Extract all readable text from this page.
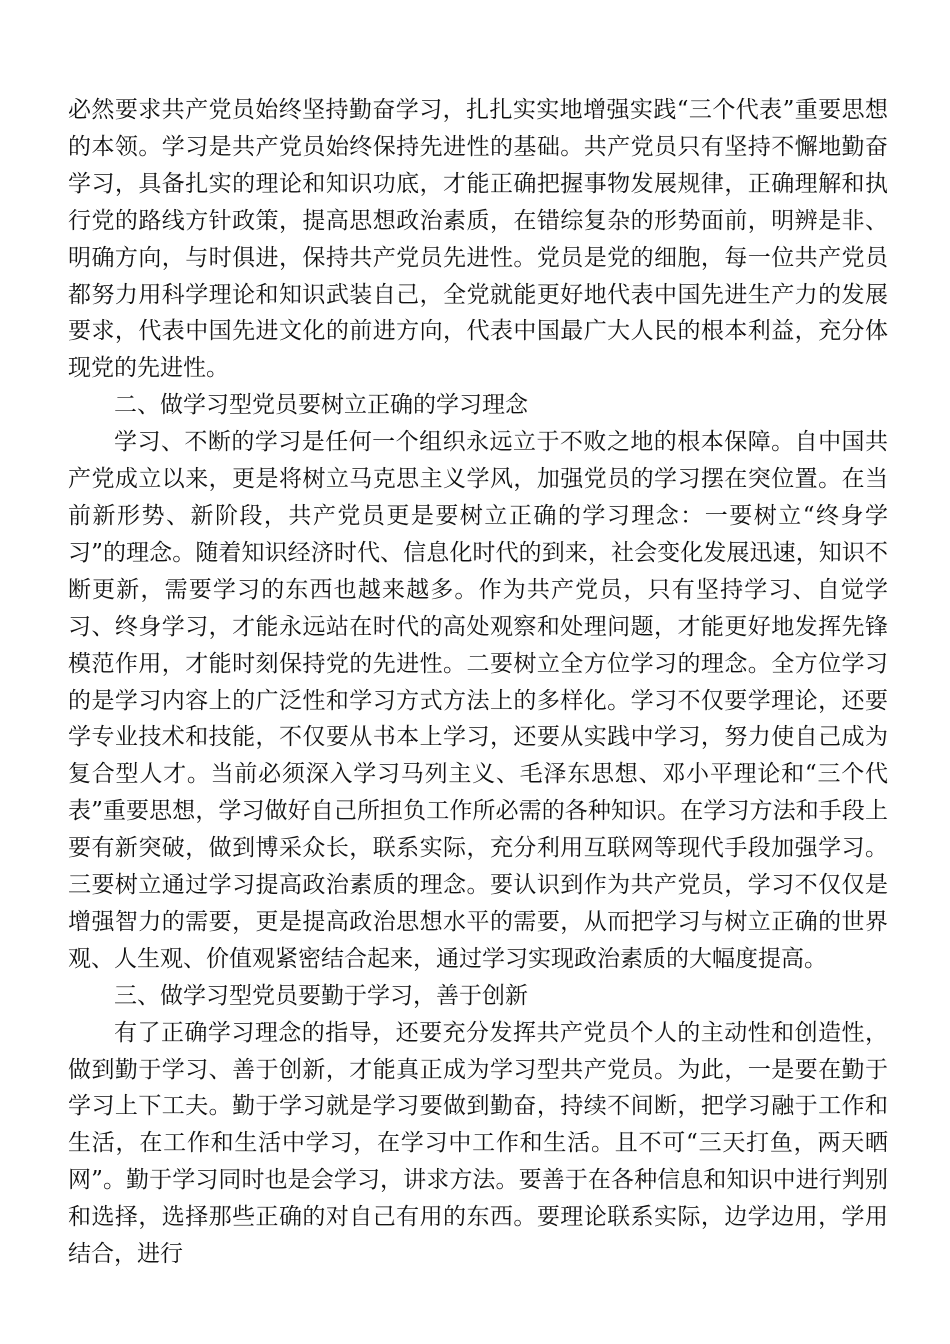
必然要求共产党员始终坚持勤奋学习，扎扎实实地增强实践“三个代表”重要思想的本领。学习是共产党员始终保持先进性的基础。共产党员只有坚持不懈地勤奋学习，具备扎实的理论和知识功底，才能正确把握事物发展规律，正确理解和执行党的路线方针政策，提高思想政治素质，在错综复杂的形势面前，明辨是非、明确方向，与时俱进，保持共产党员先进性。党员是党的细胞，每一位共产党员都努力用科学理论和知识武装自己，全党就能更好地代表中国先进生产力的发展要求，代表中国先进文化的前进方向，代表中国最广大人民的根本利益，充分体现党的先进性。

二、做学习型党员要树立正确的学习理念

学习、不断的学习是任何一个组织永远立于不败之地的根本保障。自中国共产党成立以来，更是将树立马克思主义学风，加强党员的学习摆在突位置。在当前新形势、新阶段，共产党员更是要树立正确的学习理念：一要树立“终身学习”的理念。随着知识经济时代、信息化时代的到来，社会变化发展迅速，知识不断更新，需要学习的东西也越来越多。作为共产党员，只有坚持学习、自觉学习、终身学习，才能永远站在时代的高处观察和处理问题，才能更好地发挥先锋模范作用，才能时刻保持党的先进性。二要树立全方位学习的理念。全方位学习的是学习内容上的广泛性和学习方式方法上的多样化。学习不仅要学理论，还要学专业技术和技能，不仅要从书本上学习，还要从实践中学习，努力使自己成为复合型人才。当前必须深入学习马列主义、毛泽东思想、邓小平理论和“三个代表”重要思想，学习做好自己所担负工作所必需的各种知识。在学习方法和手段上要有新突破，做到博采众长，联系实际，充分利用互联网等现代手段加强学习。三要树立通过学习提高政治素质的理念。要认识到作为共产党员，学习不仅仅是增强智力的需要，更是提高政治思想水平的需要，从而把学习与树立正确的世界观、人生观、价值观紧密结合起来，通过学习实现政治素质的大幅度提高。

三、做学习型党员要勤于学习，善于创新

有了正确学习理念的指导，还要充分发挥共产党员个人的主动性和创造性，做到勤于学习、善于创新，才能真正成为学习型共产党员。为此，一是要在勤于学习上下工夫。勤于学习就是学习要做到勤奋，持续不间断，把学习融于工作和生活，在工作和生活中学习，在学习中工作和生活。且不可“三天打鱼，两天晒网”。勤于学习同时也是会学习，讲求方法。要善于在各种信息和知识中进行判别和选择，选择那些正确的对自己有用的东西。要理论联系实际，边学边用，学用结合，进行
